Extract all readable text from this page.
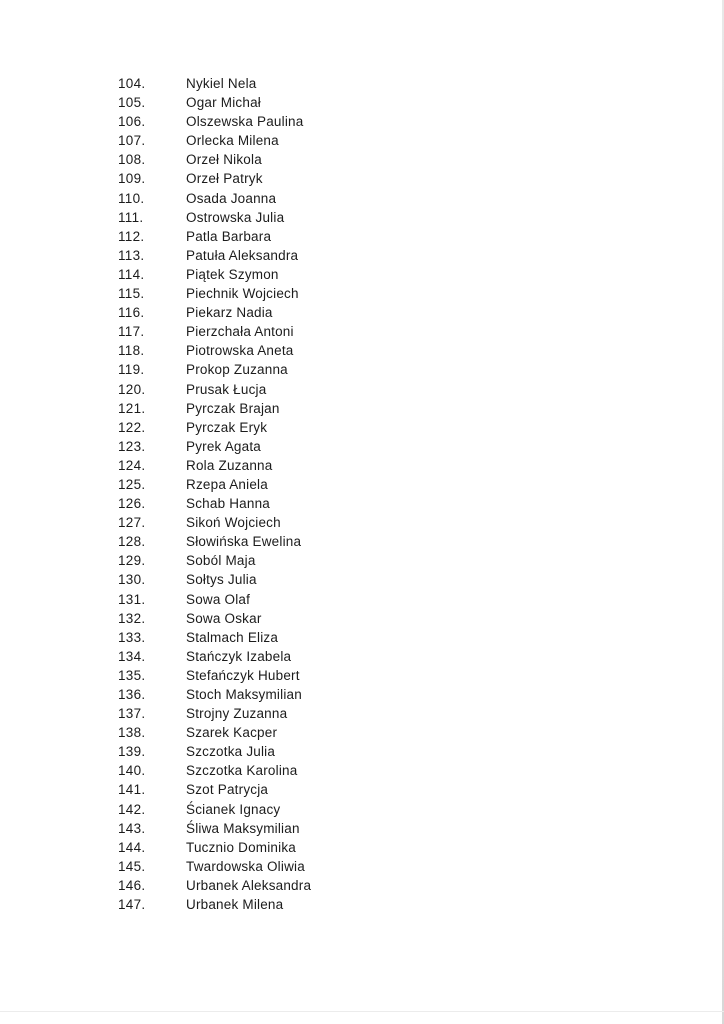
104.	Nykiel Nela
105.	Ogar Michał
106.	Olszewska Paulina
107.	Orlecka Milena
108.	Orzeł Nikola
109.	Orzeł Patryk
110.	Osada Joanna
111.	Ostrowska Julia
112.	Patla Barbara
113.	Patuła Aleksandra
114.	Piątek Szymon
115.	Piechnik Wojciech
116.	Piekarz Nadia
117.	Pierzchała Antoni
118.	Piotrowska Aneta
119.	Prokop Zuzanna
120.	Prusak Łucja
121.	Pyrczak Brajan
122.	Pyrczak Eryk
123.	Pyrek Agata
124.	Rola Zuzanna
125.	Rzepa Aniela
126.	Schab Hanna
127.	Sikoń Wojciech
128.	Słowińska Ewelina
129.	Soból Maja
130.	Sołtys Julia
131.	Sowa Olaf
132.	Sowa Oskar
133.	Stalmach Eliza
134.	Stańczyk Izabela
135.	Stefańczyk Hubert
136.	Stoch Maksymilian
137.	Strojny Zuzanna
138.	Szarek Kacper
139.	Szczotka Julia
140.	Szczotka Karolina
141.	Szot Patrycja
142.	Ścianek Ignacy
143.	Śliwa Maksymilian
144.	Tucznio Dominika
145.	Twardowska Oliwia
146.	Urbanek Aleksandra
147.	Urbanek Milena
